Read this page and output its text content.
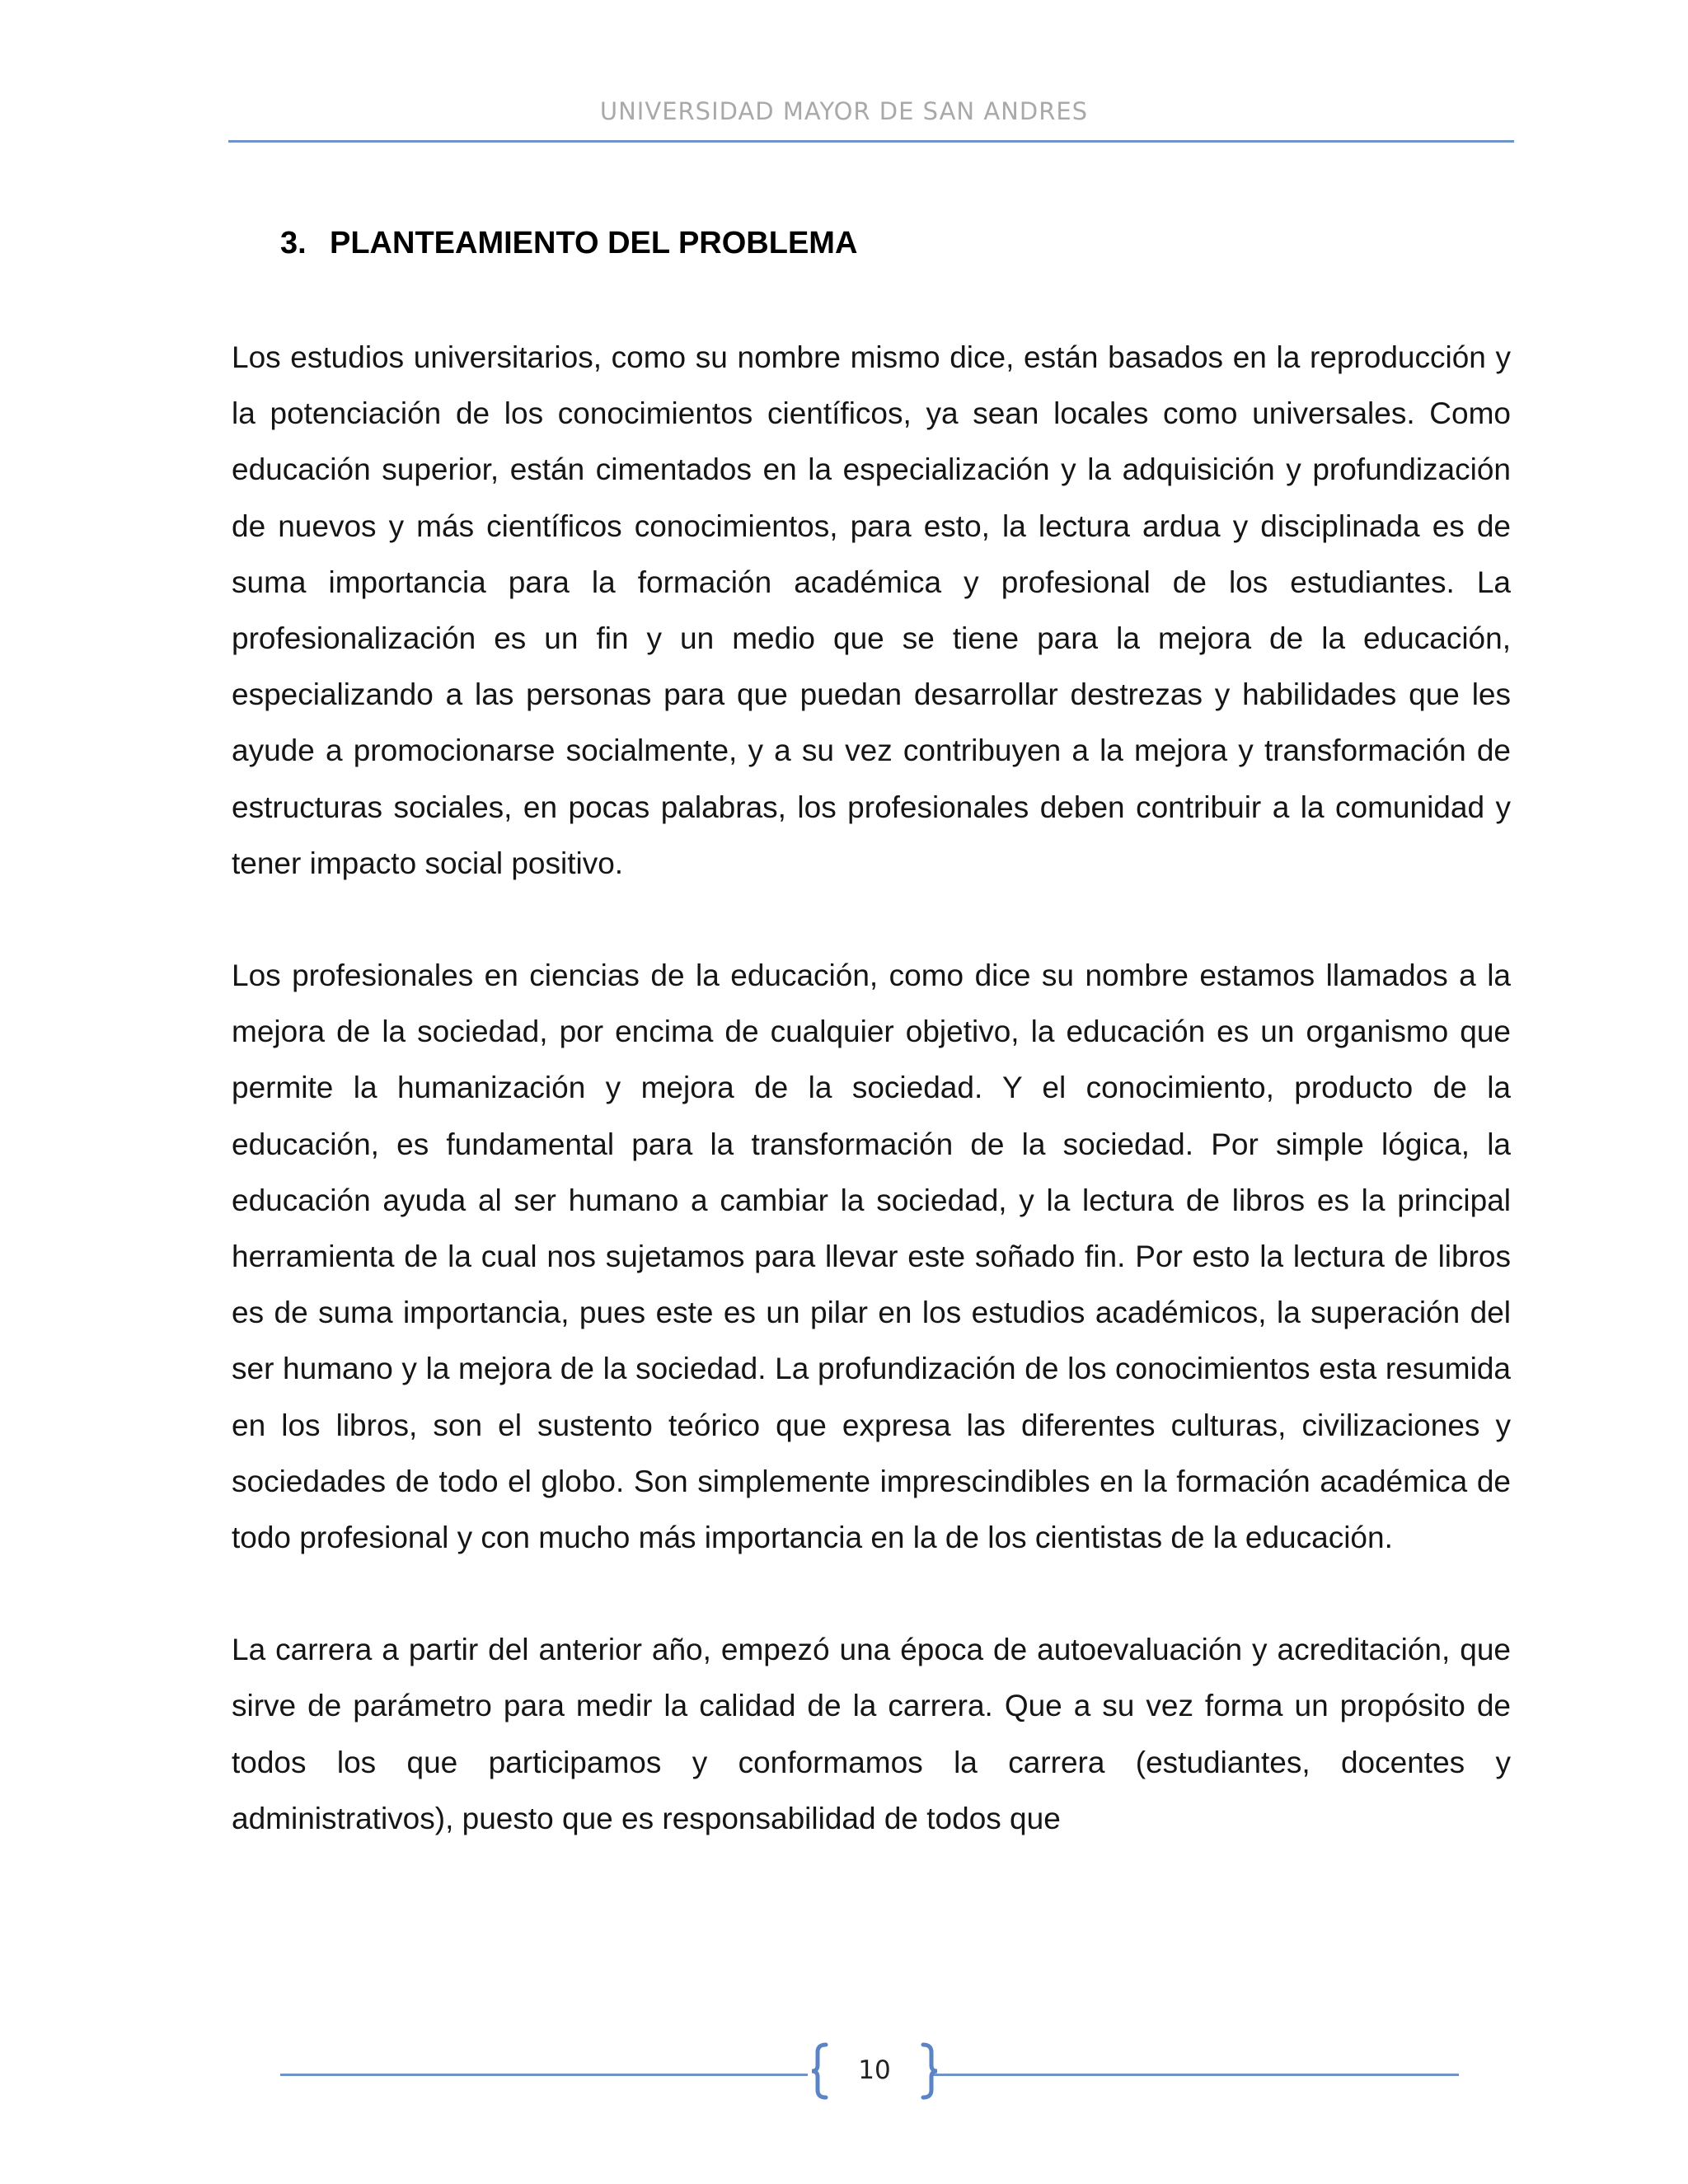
UNIVERSIDAD MAYOR DE SAN ANDRES
3. PLANTEAMIENTO DEL PROBLEMA

Los estudios universitarios, como su nombre mismo dice, están basados en la reproducción y la potenciación de los conocimientos científicos, ya sean locales como universales. Como educación superior, están cimentados en la especialización y la adquisición y profundización de nuevos y más científicos conocimientos, para esto, la lectura ardua y disciplinada es de suma importancia para la formación académica y profesional de los estudiantes. La profesionalización es un fin y un medio que se tiene para la mejora de la educación, especializando a las personas para que puedan desarrollar destrezas y habilidades que les ayude a promocionarse socialmente, y a su vez contribuyen a la mejora y transformación de estructuras sociales, en pocas palabras, los profesionales deben contribuir a la comunidad y tener impacto social positivo.

Los profesionales en ciencias de la educación, como dice su nombre estamos llamados a la mejora de la sociedad, por encima de cualquier objetivo, la educación es un organismo que permite la humanización y mejora de la sociedad. Y el conocimiento, producto de la educación, es fundamental para la transformación de la sociedad. Por simple lógica, la educación ayuda al ser humano a cambiar la sociedad, y la lectura de libros es la principal herramienta de la cual nos sujetamos para llevar este soñado fin. Por esto la lectura de libros es de suma importancia, pues este es un pilar en los estudios académicos, la superación del ser humano y la mejora de la sociedad. La profundización de los conocimientos esta resumida en los libros, son el sustento teórico que expresa las diferentes culturas, civilizaciones y sociedades de todo el globo. Son simplemente imprescindibles en la formación académica de todo profesional y con mucho más importancia en la de los cientistas de la educación.

La carrera a partir del anterior año, empezó una época de autoevaluación y acreditación, que sirve de parámetro para medir la calidad de la carrera. Que a su vez forma un propósito de todos los que participamos y conformamos la carrera (estudiantes, docentes y administrativos), puesto que es responsabilidad de todos que

10
